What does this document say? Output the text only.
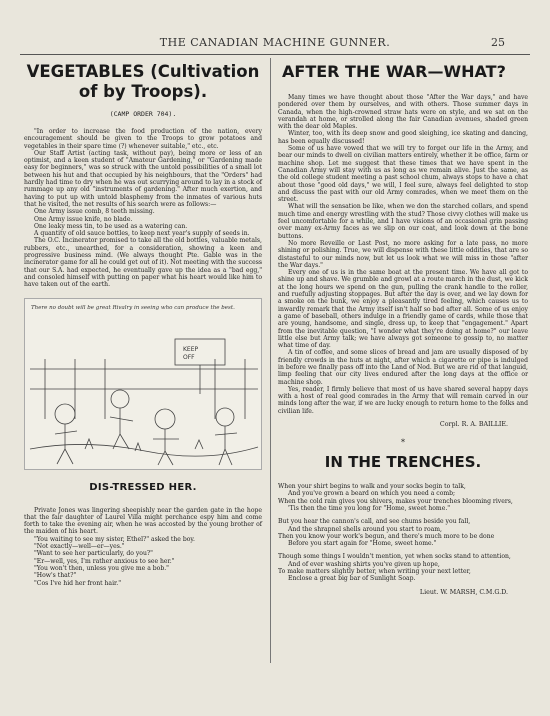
THE CANADIAN MACHINE GUNNER.	25
VEGETABLES (Cultivation of by Troops).
(CAMP ORDER 704).

"In order to increase the food production of the nation, every encouragement should be given to the Troops to grow potatoes and vegetables in their spare time (?) whenever suitable," etc., etc.

Our Staff Artist (acting task, without pay), being more or less of an optimist, and a keen student of "Amateur Gardening," or "Gardening made easy for beginners," was so struck with the untold possibilities of a small lot between his hut and that occupied by his neighbours, that the "Orders" had hardly had time to dry when he was out scurrying around to lay in a stock of rummage up any old "instruments of gardening." After much exertion, and having to put up with untold blasphemy from the inmates of various huts that he visited, the net results of his search were as follows:—

One Army issue comb, 8 teeth missing.

One Army issue knife, no blade.

One leaky mess tin, to be used as a watering can.

A quantity of old sauce bottles, to keep next year's supply of seeds in.

The O.C. Incinerator promised to take all the old bottles, valuable metals, rubbers, etc., unearthed, for a consideration, showing a keen and progressive business mind. (We always thought Pte. Gable was in the incinerator game for all he could get out of it). Not meeting with the success that our S.A. had expected, he eventually gave up the idea as a "bad egg," and consoled himself with putting on paper what his heart would like him to have taken out of the earth.

There no doubt will be great Rivalry in seeing who can produce the best.
KEEP
OFF
DIS-TRESSED HER.

Private Jones was lingering sheepishly near the garden gate in the hope that the fair daughter of Laurel Villa might perchance espy him and come forth to take the evening air, when he was accosted by the young brother of the maiden of his heart.

"You waiting to see my sister, Ethel?" asked the boy.

"Not exactly—well—er—yes."

"Want to see her particularly, do you?"

"Er—well, yes, I'm rather anxious to see her."

"You won't then, unless you give me a bob."

"How's that?"

"Cos I've hid her front hair."

AFTER THE WAR—WHAT?

Many times we have thought about those "After the War days," and have pondered over them by ourselves, and with others. Those summer days in Canada, when the high-crowned straw hats were on style, and we sat on the verandah at home, or strolled along the fair Canadian avenues, shaded green with the dear old Maples.

Winter, too, with its deep snow and good sleighing, ice skating and dancing, has been equally discussed!

Some of us have vowed that we will try to forget our life in the Army, and bear our minds to dwell on civilian matters entirely, whether it be office, farm or machine shop. Let me suggest that these times that we have spent in the Canadian Army will stay with us as long as we remain alive. Just the same, as the old college student meeting a past school chum, always stops to have a chat about those "good old days," we will, I feel sure, always feel delighted to stop and discuss the past with our old Army comrades, when we meet them on the street.

What will the sensation be like, when we don the starched collars, and spend much time and energy wrestling with the stud? Those civvy clothes will make us feel uncomfortable for a while, and I have visions of an occasional grin passing over many ex-Army faces as we slip on our coat, and look down at the bone buttons.

No more Reveille or Last Post, no more asking for a late pass, no more shining or polishing. True, we will dispense with these little oddities, that are so distasteful to our minds now, but let us look what we will miss in those "after the War days."

Every one of us is in the same boat at the present time. We have all got to shine up and shave. We grumble and growl at a route march in the dust, we kick at the long hours we spend on the gun, pulling the crank handle to the roller, and ruefully adjusting stoppages. But after the day is over, and we lay down for a smoke on the bunk, we enjoy a pleasantly tired feeling, which causes us to inwardly remark that the Army itself isn't half so bad after all. Some of us enjoy a game of baseball, others indulge in a friendly game of cards, while those that are young, handsome, and single, dress up, to keep that "engagement." Apart from the inevitable question, "I wonder what they're doing at home?" our leave little else but Army talk; we have always got someone to gossip to, no matter what time of day.

A tin of coffee, and some slices of bread and jam are usually disposed of by friendly crowds in the huts at night, after which a cigarette or pipe is indulged in before we finally pass off into the Land of Nod. But we are rid of that languid, limp feeling that our city lives endured after the long days at the office or machine shop.

Yes, reader, I firmly believe that most of us have shared several happy days with a host of real good comrades in the Army that will remain carved in our minds long after the war, if we are lucky enough to return home to the folks and civilian life.

Corpl. R. A. BAILLIE.
*
IN THE TRENCHES.

When your shirt begins to walk and your socks begin to talk,

And you've grown a beard on which you need a comb;

When the cold rain gives you shivers, makes your trenches blooming rivers,

'Tis then the time you long for "Home, sweet home."

But you hear the cannon's call, and see chums beside you fall,

And the shrapnel shells around you start to roam,

Then you know your work's begun, and there's much more to be done

Before you start again for "Home, sweet home."

Though some things I wouldn't mention, yet when socks stand to attention,

And of ever washing shirts you've given up hope,

To make matters slightly better, when writing your next letter,

Enclose a great big bar of Sunlight Soap.

Lieut. W. MARSH, C.M.G.D.
